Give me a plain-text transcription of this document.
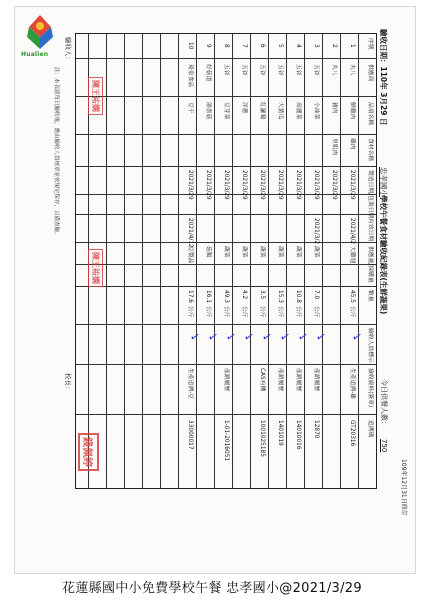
Hualien	驗收日期：110年 3月29 日
忠孝國小
學校午餐食材驗收紀錄表(生鮮蔬果)
今日供餐人數：
750
109年12月31日修訂
序號
供應商
品項名稱
食材名稱
製造日期/包裝日期
有效日期
供應量/採購量
數量
驗收人員標示
撿收資料(簽章)
追溯碼
1
丸八
鮮雞肉
雞肉
2021/3/29
2021/4/2
大雞翅
45.5
公斤
生產追溯-雞
GT20316
2
丸八
豬肉
里肌肉
2021/3/29
3
五谷
小油菜
2021/3/29
2021/3/2
蔬菜
7.0
公斤
產銷履歷
12870
4
五谷
高麗菜
2021/3/29
蔬菜
10.8
公斤
產銷履歷
14010016
5
五谷
大黃瓜
2021/3/29
蔬菜
15.3
公斤
產銷履歷
1401019
6
五谷
紅蘿蔔
2021/3/29
蔬菜
3.5
公斤
CAS有機
1001025185
7
五谷
洋蔥
2021/3/29
蔬菜
4.2
公斤
8
五谷
豆芽菜
2021/3/29
蔬菜
49.3
公斤
產銷履歷
1-01-2016051
9
好菇道
鴻喜菇
2021/3/29
菇類
16.1
公斤
10
琦泉食品
豆干
2021/3/29
2021/4/12
豆製品
17.6
公斤
生產追溯-豆
33000017
✓
✓
✓
✓
✓
✓
✓
✓
✓
驗收人：
校長：
註：本表請每日驗收後，應由驗收人員核章並依規定保存，以備查驗。	陳王祐嫻
陳王祐嫻
錢佩婷
花蓮縣國中小免費學校午餐 忠孝國小@2021/3/29
